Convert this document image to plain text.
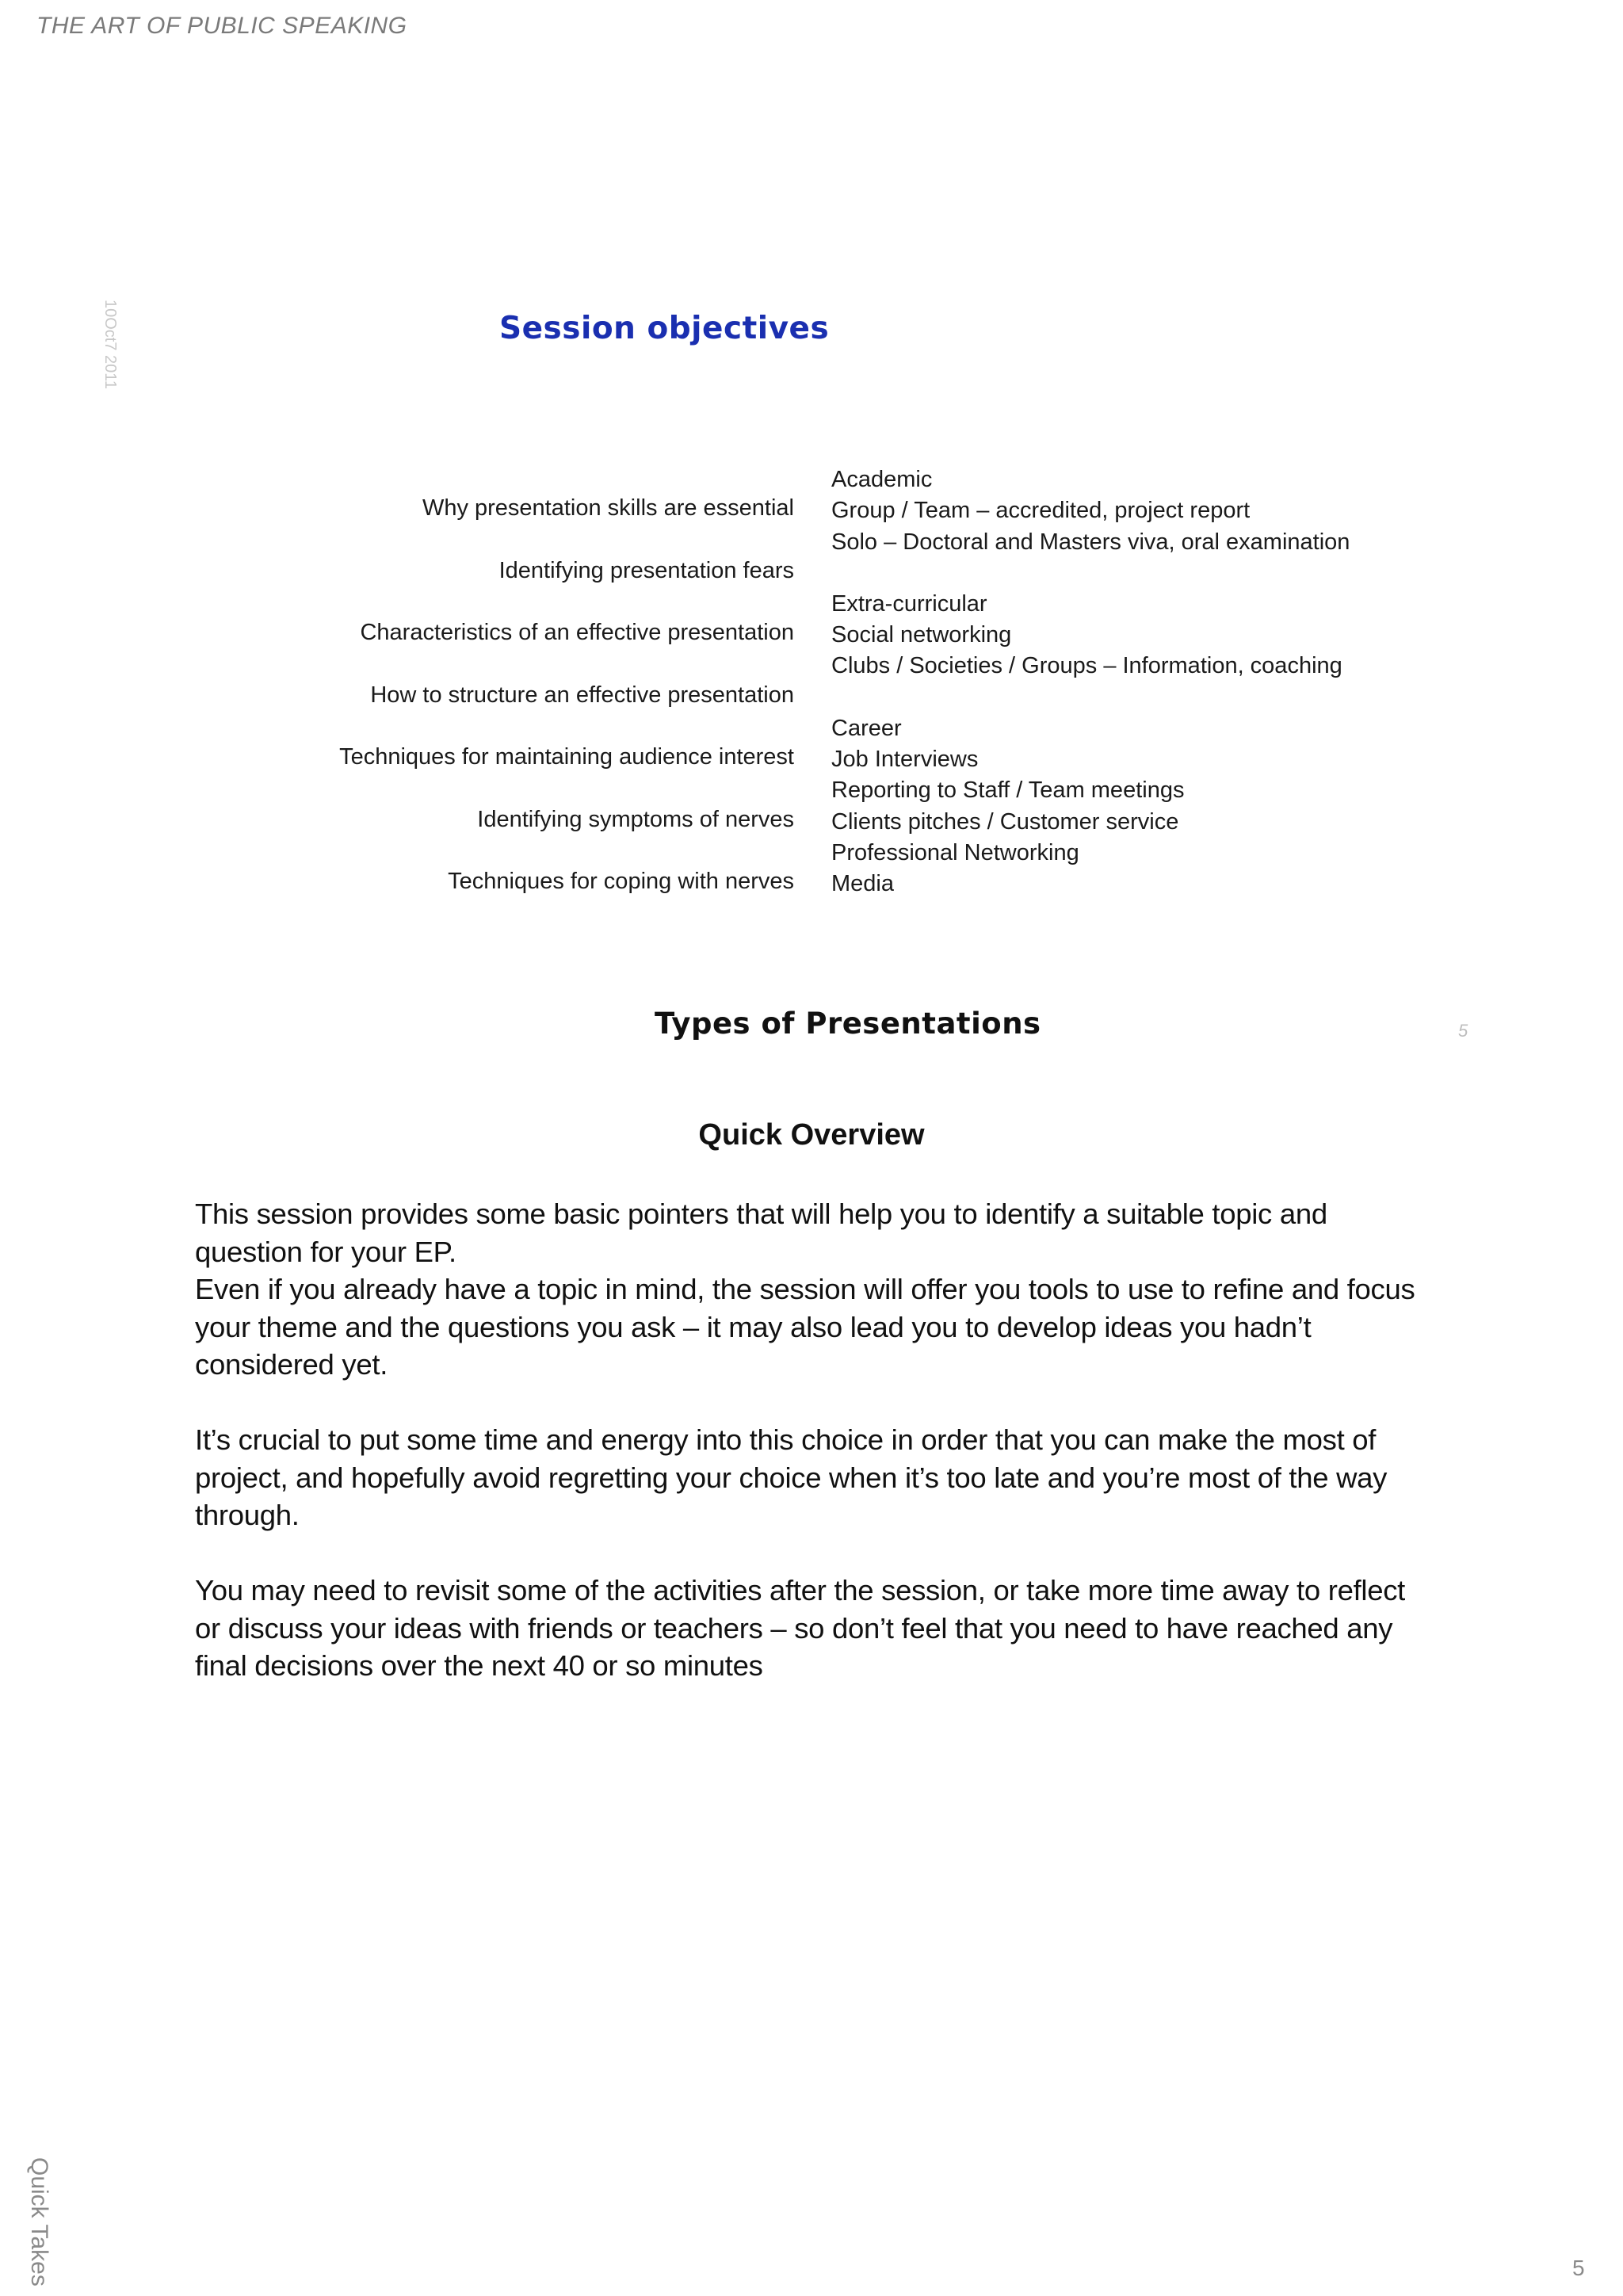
THE ART OF PUBLIC SPEAKING
10Oct7 2011	Session objectives
Why presentation skills are essential
Identifying presentation fears
Characteristics of an effective presentation
How to structure an effective presentation
Techniques for maintaining audience interest
Identifying symptoms of nerves
Techniques for coping with nerves
Academic
Group / Team – accredited, project report
Solo – Doctoral and Masters viva, oral examination
Extra-curricular
Social networking
Clubs / Societies / Groups – Information, coaching
Career
Job Interviews
Reporting to Staff / Team meetings
Clients pitches / Customer service
Professional Networking
Media
Types of Presentations	5
Quick Overview

This session provides some basic pointers that will help you to identify a suitable topic and question for your EP.
Even if you already have a topic in mind, the session will offer you tools to use to refine and focus your theme and the questions you ask – it may also lead you to develop ideas you hadn’t considered yet.

It’s crucial to put some time and energy into this choice in order that you can make the most of project, and hopefully avoid regretting your choice when it’s too late and you’re most of the way through.

You may need to revisit some of the activities after the session, or take more time away to reflect or discuss your ideas with friends or teachers – so don’t feel that you need to have reached any final decisions over the next 40 or so minutes

Quick Takes	5
